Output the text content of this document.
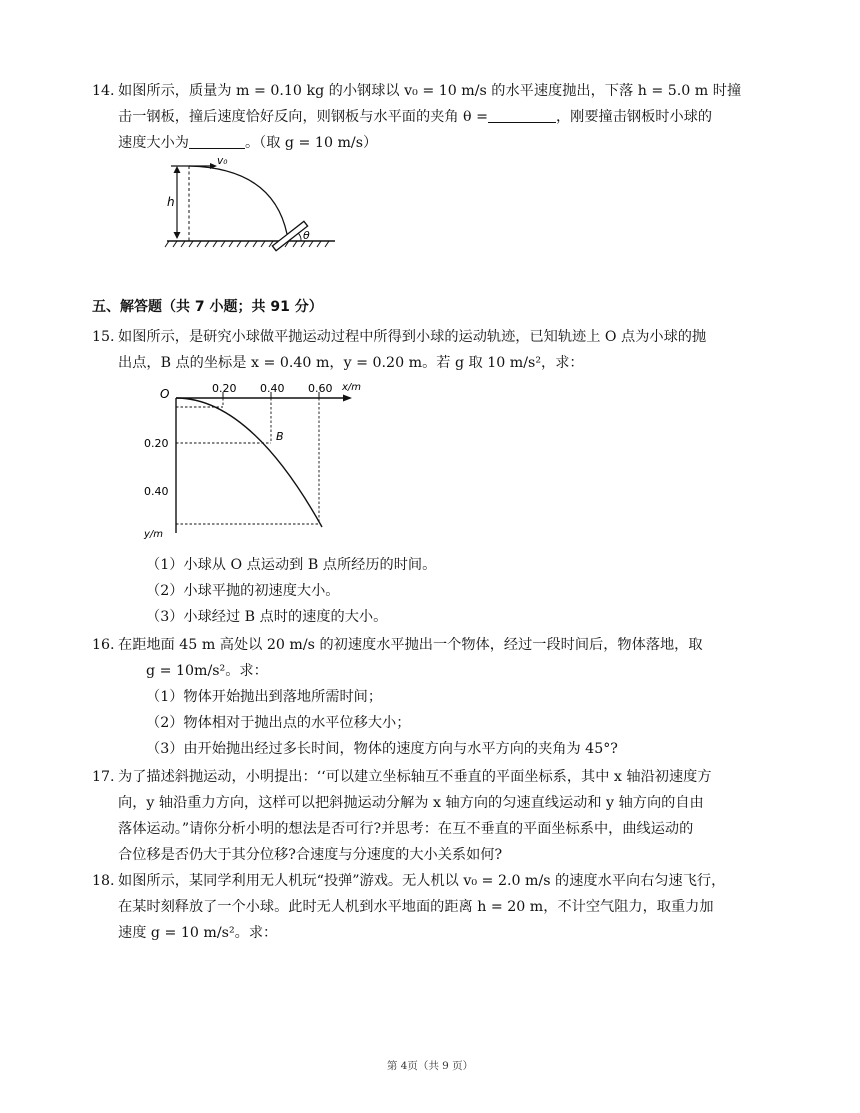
14. 如图所示，质量为 m = 0.10 kg 的小钢球以 v₀ = 10 m/s 的水平速度抛出，下落 h = 5.0 m 时撞

击一钢板，撞后速度恰好反向，则钢板与水平面的夹角 θ =	，刚要撞击钢板时小球的

速度大小为	。（取 g = 10 m/s）

h
v₀
θ
五、解答题（共 7 小题；共 91 分）

15. 如图所示，是研究小球做平抛运动过程中所得到小球的运动轨迹，已知轨迹上 O 点为小球的抛

出点，B 点的坐标是 x = 0.40 m，y = 0.20 m。若 g 取 10 m/s²，求：

O	0.20 0.40 0.60 x/m
0.20
0.40
y/m
B
（1）小球从 O 点运动到 B 点所经历的时间。
（2）小球平抛的初速度大小。
（3）小球经过 B 点时的速度的大小。

16. 在距地面 45 m 高处以 20 m/s 的初速度水平抛出一个物体，经过一段时间后，物体落地，取

g = 10m/s²。求：

（1）物体开始抛出到落地所需时间；
（2）物体相对于抛出点的水平位移大小；
（3）由开始抛出经过多长时间，物体的速度方向与水平方向的夹角为 45°?

17. 为了描述斜抛运动，小明提出：‘‘可以建立坐标轴互不垂直的平面坐标系，其中 x 轴沿初速度方

向，y 轴沿重力方向，这样可以把斜抛运动分解为 x 轴方向的匀速直线运动和 y 轴方向的自由

落体运动。”请你分析小明的想法是否可行?并思考：在互不垂直的平面坐标系中，曲线运动的

合位移是否仍大于其分位移?合速度与分速度的大小关系如何?

18. 如图所示，某同学利用无人机玩“投弹”游戏。无人机以 v₀ = 2.0 m/s 的速度水平向右匀速飞行，

在某时刻释放了一个小球。此时无人机到水平地面的距离 h = 20 m，不计空气阻力，取重力加

速度 g = 10 m/s²。求：

第 4页（共 9 页）
